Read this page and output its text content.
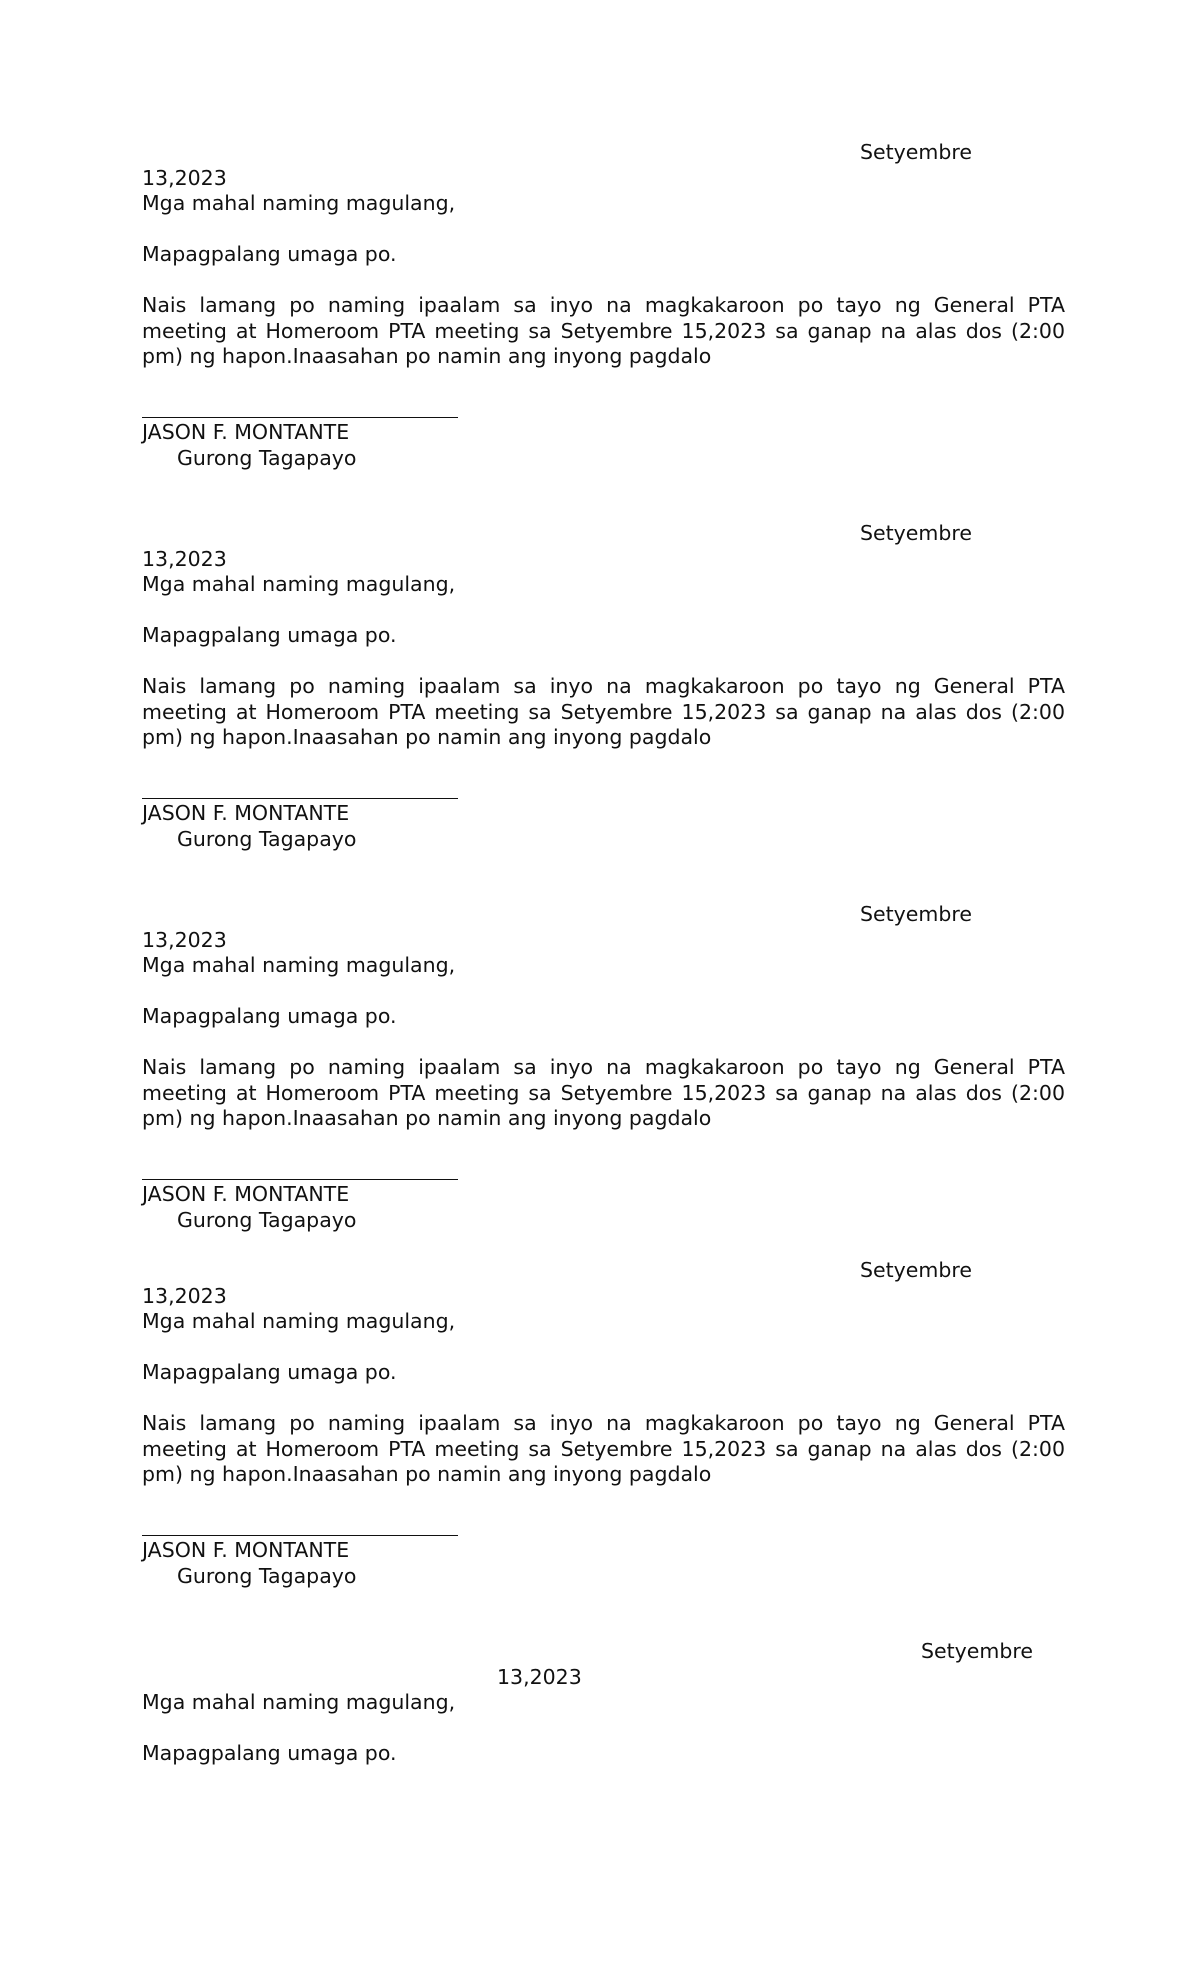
Setyembre
13,2023
Mga mahal naming magulang,
Mapagpalang umaga po.
Nais lamang po naming ipaalam sa inyo na magkakaroon po tayo ng General PTA meeting at Homeroom PTA meeting sa Setyembre 15,2023 sa ganap na alas dos (2:00 pm) ng hapon.Inaasahan po namin ang inyong pagdalo
JASON F. MONTANTE
Gurong Tagapayo
Setyembre
13,2023
Mga mahal naming magulang,
Mapagpalang umaga po.
Nais lamang po naming ipaalam sa inyo na magkakaroon po tayo ng General PTA meeting at Homeroom PTA meeting sa Setyembre 15,2023 sa ganap na alas dos (2:00 pm) ng hapon.Inaasahan po namin ang inyong pagdalo
JASON F. MONTANTE
Gurong Tagapayo
Setyembre
13,2023
Mga mahal naming magulang,
Mapagpalang umaga po.
Nais lamang po naming ipaalam sa inyo na magkakaroon po tayo ng General PTA meeting at Homeroom PTA meeting sa Setyembre 15,2023 sa ganap na alas dos (2:00 pm) ng hapon.Inaasahan po namin ang inyong pagdalo
JASON F. MONTANTE
Gurong Tagapayo
Setyembre
13,2023
Mga mahal naming magulang,
Mapagpalang umaga po.
Nais lamang po naming ipaalam sa inyo na magkakaroon po tayo ng General PTA meeting at Homeroom PTA meeting sa Setyembre 15,2023 sa ganap na alas dos (2:00 pm) ng hapon.Inaasahan po namin ang inyong pagdalo
JASON F. MONTANTE
Gurong Tagapayo
Setyembre
13,2023
Mga mahal naming magulang,
Mapagpalang umaga po.
